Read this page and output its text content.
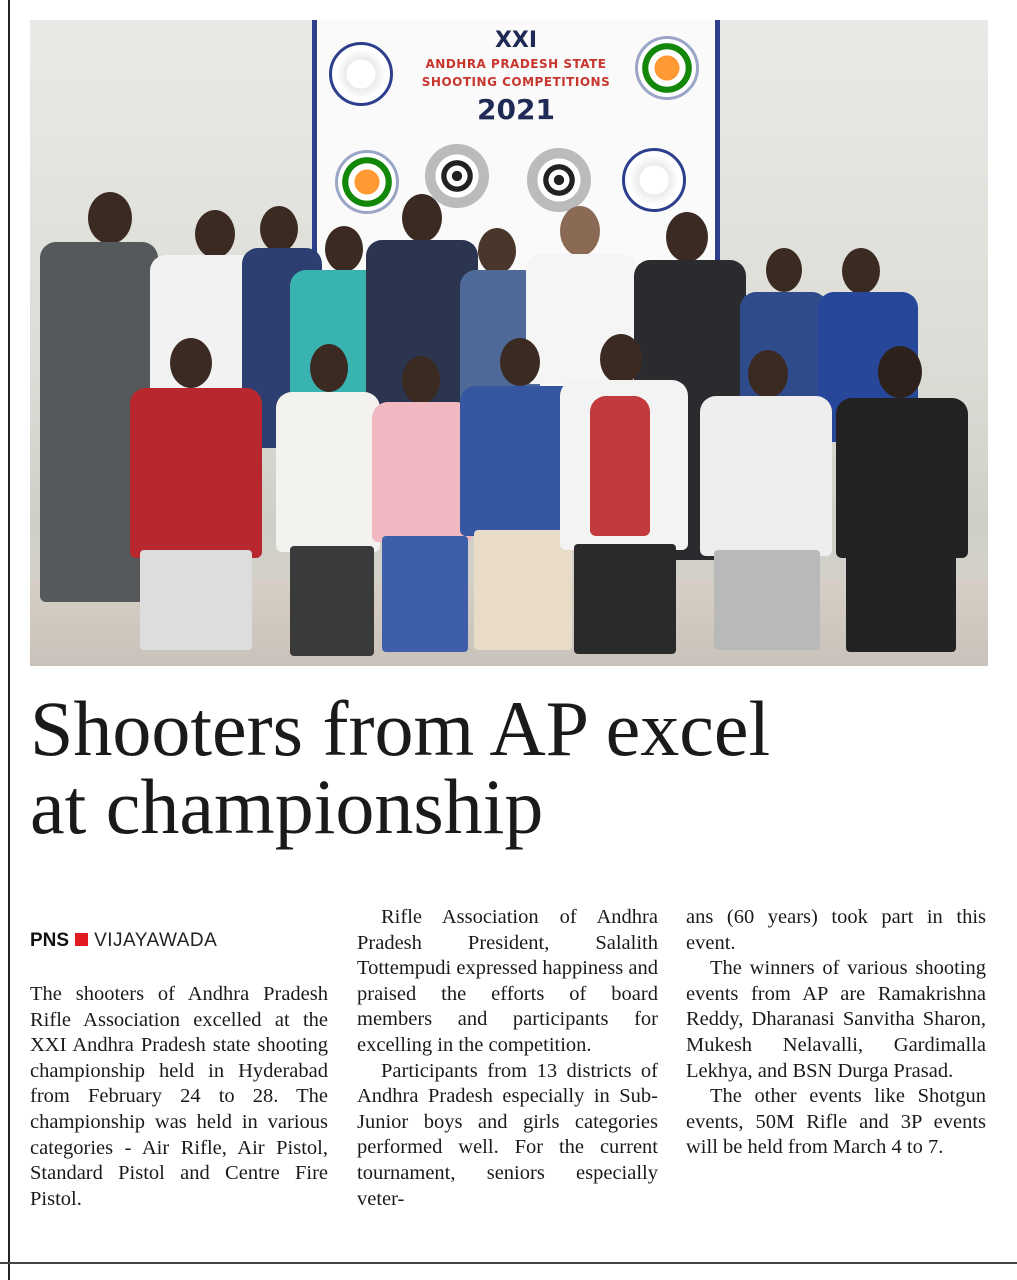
XXI
ANDHRA PRADESH STATE
SHOOTING COMPETITIONS
2021
Shooters from AP excel
at championship
PNS VIJAYAWADA

The shooters of Andhra Pradesh Rifle Association excelled at the XXI Andhra Pradesh state shooting championship held in Hyderabad from February 24 to 28. The championship was held in various categories - Air Rifle, Air Pistol, Standard Pistol and Centre Fire Pistol.

Rifle Association of Andhra Pradesh President, Salalith Tottempudi expressed happiness and praised the efforts of board members and participants for excelling in the competition.

Participants from 13 districts of Andhra Pradesh especially in Sub-Junior boys and girls categories performed well. For the current tournament, seniors especially veter-

ans (60 years) took part in this event.

The winners of various shooting events from AP are Ramakrishna Reddy, Dharanasi Sanvitha Sharon, Mukesh Nelavalli, Gardimalla Lekhya, and BSN Durga Prasad.

The other events like Shotgun events, 50M Rifle and 3P events will be held from March 4 to 7.
